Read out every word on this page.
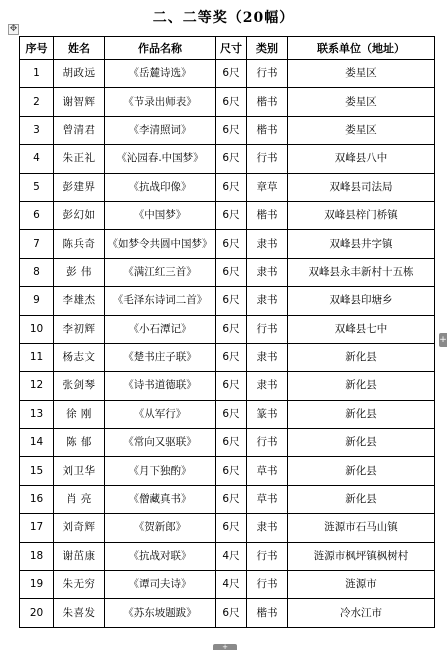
二、二等奖（20幅）
✥
序号	姓名	作品名称	尺寸	类别	联系单位（地址）
1	胡政远	《岳麓诗选》	6尺	行书	娄星区
2	谢智辉	《节录出师表》	6尺	楷书	娄星区
3	曾清君	《李清照词》	6尺	楷书	娄星区
4	朱正礼	《沁园春.中国梦》	6尺	行书	双峰县八中
5	彭建界	《抗战印像》	6尺	章草	双峰县司法局
6	彭幻如	《中国梦》	6尺	楷书	双峰县梓门桥镇
7	陈兵奇	《如梦令共圆中国梦》	6尺	隶书	双峰县井字镇
8	彭 伟	《满江红三首》	6尺	隶书	双峰县永丰新村十五栋
9	李雄杰	《毛泽东诗词二首》	6尺	隶书	双峰县印塘乡
10	李初辉	《小石潭记》	6尺	行书	双峰县七中
11	杨志文	《楚书庄子联》	6尺	隶书	新化县
12	张剑琴	《诗书道德联》	6尺	隶书	新化县
13	徐 刚	《从军行》	6尺	篆书	新化县
14	陈 郁	《常向又驱联》	6尺	行书	新化县
15	刘卫华	《月下独酌》	6尺	草书	新化县
16	肖 亮	《僧藏真书》	6尺	草书	新化县
17	刘奇辉	《贺新郎》	6尺	隶书	涟源市石马山镇
18	谢茁康	《抗战对联》	4尺	行书	涟源市枫坪镇枫树村
19	朱无穷	《谭司夫诗》	4尺	行书	涟源市
20	朱喜发	《苏东坡题跋》	6尺	楷书	冷水江市
+
+
